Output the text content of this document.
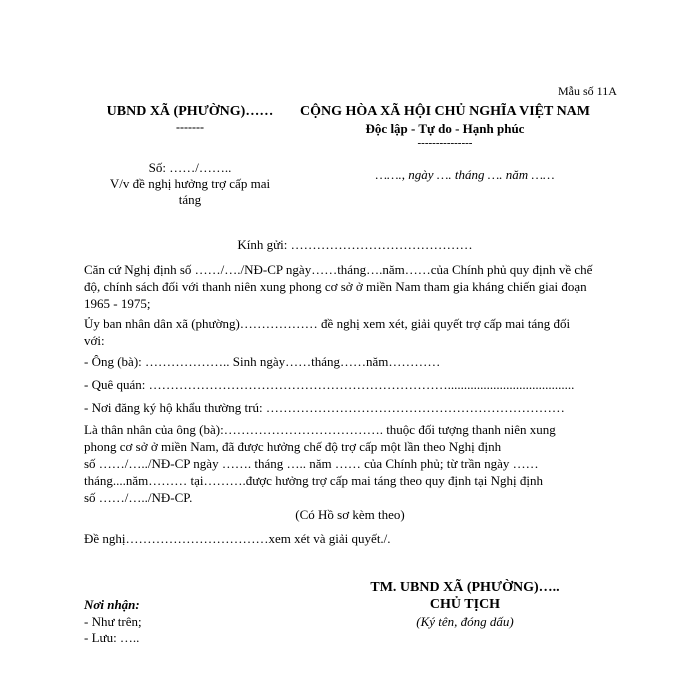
Mẫu số 11A
UBND XÃ (PHƯỜNG)……
-------
Số: ……/……..
V/v đề nghị hưởng trợ cấp mai
táng
CỘNG HÒA XÃ HỘI CHỦ NGHĨA VIỆT NAM
Độc lập - Tự do - Hạnh phúc
---------------
……., ngày …. tháng …. năm ……
Kính gửi: ……………………………………
Căn cứ Nghị định số ……/…./NĐ-CP ngày……tháng….năm……của Chính phủ quy định về chế
độ, chính sách đối với thanh niên xung phong cơ sở ở miền Nam tham gia kháng chiến giai đoạn
1965 - 1975;
Ủy ban nhân dân xã (phường)……………… đề nghị xem xét, giải quyết trợ cấp mai táng đối
với:
- Ông (bà): ……………….. Sinh ngày……tháng……năm…………
- Quê quán: …………………………………………………………….......................................
- Nơi đăng ký hộ khẩu thường trú: ……………………………………………………………
Là thân nhân của ông (bà):………………………………. thuộc đối tượng thanh niên xung
phong cơ sở ở miền Nam, đã được hưởng chế độ trợ cấp một lần theo Nghị định
số ……/…../NĐ-CP ngày ……. tháng ….. năm …… của Chính phủ; từ trần ngày ……
tháng....năm……… tại……….được hưởng trợ cấp mai táng theo quy định tại Nghị định
số ……/…../NĐ-CP.
(Có Hồ sơ kèm theo)
Đề nghị……………………………xem xét và giải quyết./.
Nơi nhận:
- Như trên;
- Lưu: …..
TM. UBND XÃ (PHƯỜNG)…..
CHỦ TỊCH
(Ký tên, đóng dấu)
